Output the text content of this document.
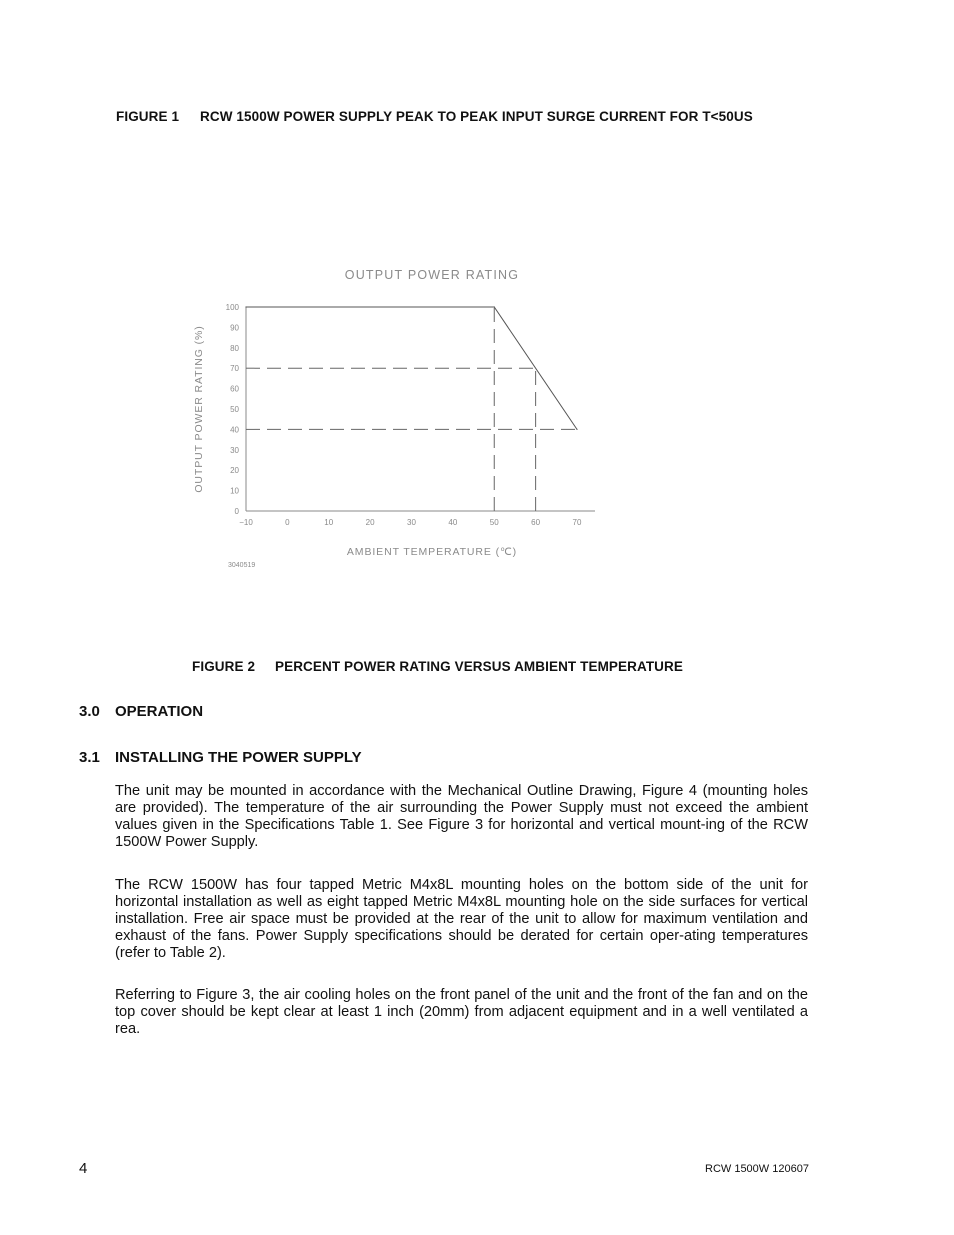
FIGURE 1 RCW 1500W POWER SUPPLY PEAK TO PEAK INPUT SURGE CURRENT FOR T<50US
OUTPUT POWER RATING
0
10
20
30
40
50
60
70
80
90
100
−10	0	10	20	30	40	50	60	70
AMBIENT TEMPERATURE (℃)
OUTPUT POWER RATING (%)
3040519
FIGURE 2 PERCENT POWER RATING VERSUS AMBIENT TEMPERATURE
3.0 OPERATION
3.1 INSTALLING THE POWER SUPPLY

The unit may be mounted in accordance with the Mechanical Outline Drawing, Figure 4 (mounting holes are provided). The temperature of the air surrounding the Power Supply must not exceed the ambient values given in the Specifications Table 1. See Figure 3 for horizontal and vertical mount-ing of the RCW 1500W Power Supply.

The RCW 1500W has four tapped Metric M4x8L mounting holes on the bottom side of the unit for horizontal installation as well as eight tapped Metric M4x8L mounting hole on the side surfaces for vertical installation. Free air space must be provided at the rear of the unit to allow for maximum ventilation and exhaust of the fans. Power Supply specifications should be derated for certain oper-ating temperatures (refer to Table 2).

Referring to Figure 3, the air cooling holes on the front panel of the unit and the front of the fan and on the top cover should be kept clear at least 1 inch (20mm) from adjacent equipment and in a well ventilated a rea.

4	RCW 1500W 120607
